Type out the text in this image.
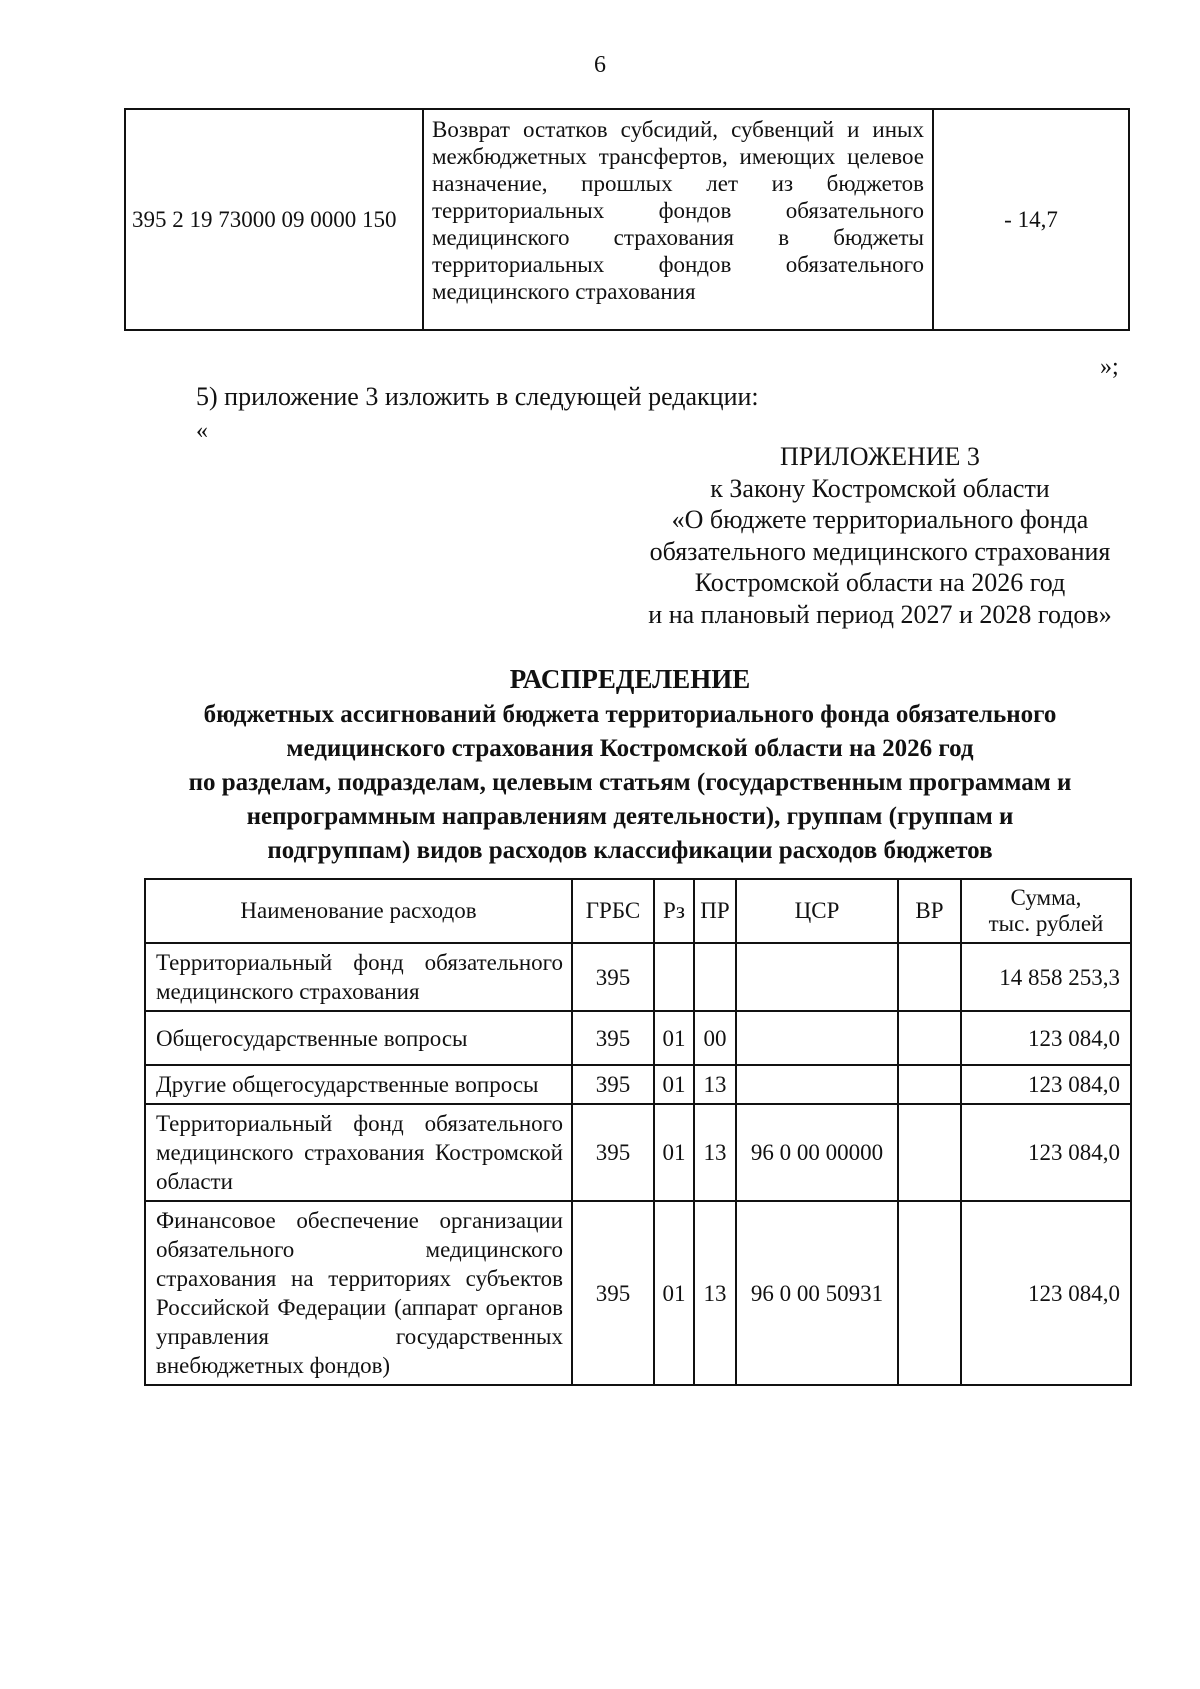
6
395 2 19 73000 09 0000 150	Возврат остатков субсидий, субвенций и иных межбюджетных трансфертов, имеющих целевое назначение, прошлых лет из бюджетов территориальных фондов обязательного медицинского страхования в бюджеты территориальных фондов обязательного медицинского страхования	- 14,7
»;
5) приложение 3 изложить в следующей редакции:
«
ПРИЛОЖЕНИЕ 3
к Закону Костромской области
«О бюджете территориального фонда
обязательного медицинского страхования
Костромской области на 2026 год
и на плановый период 2027 и 2028 годов»
РАСПРЕДЕЛЕНИЕ
бюджетных ассигнований бюджета территориального фонда обязательного
медицинского страхования Костромской области на 2026 год
по разделам, подразделам, целевым статьям (государственным программам и
непрограммным направлениям деятельности), группам (группам и
подгруппам) видов расходов классификации расходов бюджетов
Наименование расходов	ГРБС	Рз	ПР	ЦСР	ВР	Сумма,
тыс. рублей

Территориальный фонд обязательного медицинского страхования	395					14 858 253,3
Общегосударственные вопросы	395	01	00			123 084,0
Другие общегосударственные вопросы	395	01	13			123 084,0
Территориальный фонд обязательного медицинского страхования Костромской области	395	01	13	96 0 00 00000		123 084,0
Финансовое обеспечение организации обязательного медицинского страхования на территориях субъектов Российской Федерации (аппарат органов управления государственных внебюджетных фондов)	395	01	13	96 0 00 50931		123 084,0
